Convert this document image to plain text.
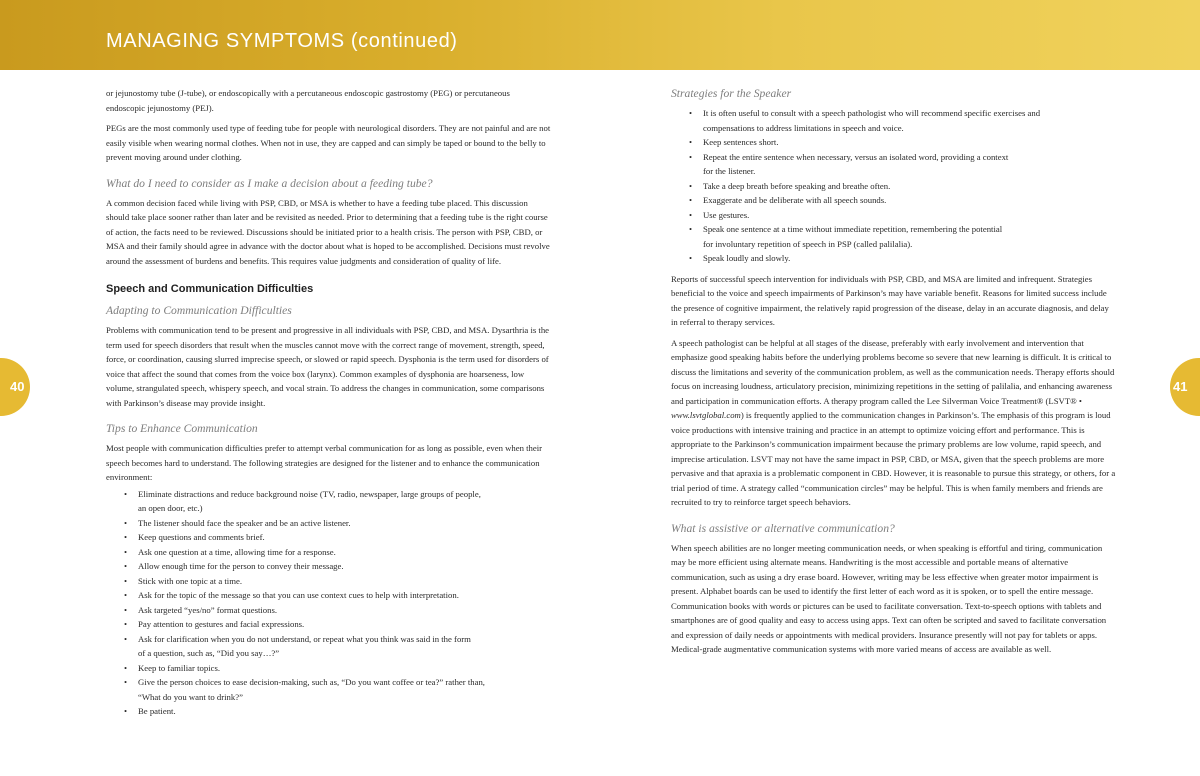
MANAGING SYMPTOMS (continued)
40	41

or jejunostomy tube (J-tube), or endoscopically with a percutaneous endoscopic gastrostomy (PEG) or percutaneous endoscopic jejunostomy (PEJ).

PEGs are the most commonly used type of feeding tube for people with neurological disorders. They are not painful and are not easily visible when wearing normal clothes. When not in use, they are capped and can simply be taped or bound to the belly to prevent moving around under clothing.

What do I need to consider as I make a decision about a feeding tube?

A common decision faced while living with PSP, CBD, or MSA is whether to have a feeding tube placed. This discussion should take place sooner rather than later and be revisited as needed. Prior to determining that a feeding tube is the right course of action, the facts need to be reviewed. Discussions should be initiated prior to a health crisis. The person with PSP, CBD, or MSA and their family should agree in advance with the doctor about what is hoped to be accomplished. Decisions must revolve around the assessment of burdens and benefits. This requires value judgments and consideration of quality of life.

Speech and Communication Difficulties
Adapting to Communication Difficulties

Problems with communication tend to be present and progressive in all individuals with PSP, CBD, and MSA. Dysarthria is the term used for speech disorders that result when the muscles cannot move with the correct range of movement, strength, speed, force, or coordination, causing slurred imprecise speech, or slowed or rapid speech. Dysphonia is the term used for disorders of voice that affect the sound that comes from the voice box (larynx). Common examples of dysphonia are hoarseness, low volume, strangulated speech, whispery speech, and vocal strain. To address the changes in communication, some comparisons with Parkinson’s disease may provide insight.

Tips to Enhance Communication

Most people with communication difficulties prefer to attempt verbal communication for as long as possible, even when their speech becomes hard to understand. The following strategies are designed for the listener and to enhance the communication environment:

• Eliminate distractions and reduce background noise (TV, radio, newspaper, large groups of people,
an open door, etc.)
• The listener should face the speaker and be an active listener.
• Keep questions and comments brief.
• Ask one question at a time, allowing time for a response.
• Allow enough time for the person to convey their message.
• Stick with one topic at a time.
• Ask for the topic of the message so that you can use context cues to help with interpretation.
• Ask targeted “yes/no” format questions.
• Pay attention to gestures and facial expressions.
• Ask for clarification when you do not understand, or repeat what you think was said in the form
of a question, such as, “Did you say…?”
• Keep to familiar topics.
• Give the person choices to ease decision-making, such as, “Do you want coffee or tea?” rather than,
“What do you want to drink?”
• Be patient.
Strategies for the Speaker
• It is often useful to consult with a speech pathologist who will recommend specific exercises and
compensations to address limitations in speech and voice.
• Keep sentences short.
• Repeat the entire sentence when necessary, versus an isolated word, providing a context
for the listener.
• Take a deep breath before speaking and breathe often.
• Exaggerate and be deliberate with all speech sounds.
• Use gestures.
• Speak one sentence at a time without immediate repetition, remembering the potential
for involuntary repetition of speech in PSP (called palilalia).
• Speak loudly and slowly.

Reports of successful speech intervention for individuals with PSP, CBD, and MSA are limited and infrequent. Strategies beneficial to the voice and speech impairments of Parkinson’s may have variable benefit. Reasons for limited success include the presence of cognitive impairment, the relatively rapid progression of the disease, delay in an accurate diagnosis, and delay in referral to therapy services.

A speech pathologist can be helpful at all stages of the disease, preferably with early involvement and intervention that emphasize good speaking habits before the underlying problems become so severe that new learning is difficult. It is critical to discuss the limitations and severity of the communication problem, as well as the communication needs. Therapy efforts should focus on increasing loudness, articulatory precision, minimizing repetitions in the setting of palilalia, and enhancing awareness and participation in communication efforts. A therapy program called the Lee Silverman Voice Treatment® (LSVT® • www.lsvtglobal.com) is frequently applied to the communication changes in Parkinson’s. The emphasis of this program is loud voice productions with intensive training and practice in an attempt to optimize voicing effort and performance. This is appropriate to the Parkinson’s communication impairment because the primary problems are low volume, rapid speech, and imprecise articulation. LSVT may not have the same impact in PSP, CBD, or MSA, given that the speech problems are more pervasive and that apraxia is a problematic component in CBD. However, it is reasonable to pursue this strategy, or others, for a trial period of time. A strategy called “communication circles” may be helpful. This is when family members and friends are recruited to try to reinforce target speech behaviors.

What is assistive or alternative communication?

When speech abilities are no longer meeting communication needs, or when speaking is effortful and tiring, communication may be more efficient using alternate means. Handwriting is the most accessible and portable means of alternative communication, such as using a dry erase board. However, writing may be less effective when greater motor impairment is present. Alphabet boards can be used to identify the first letter of each word as it is spoken, or to spell the entire message. Communication books with words or pictures can be used to facilitate conversation. Text-to-speech options with tablets and smartphones are of good quality and easy to access using apps. Text can often be scripted and saved to facilitate conversation and expression of daily needs or appointments with medical providers. Insurance presently will not pay for tablets or apps. Medical-grade augmentative communication systems with more varied means of access are available as well.
